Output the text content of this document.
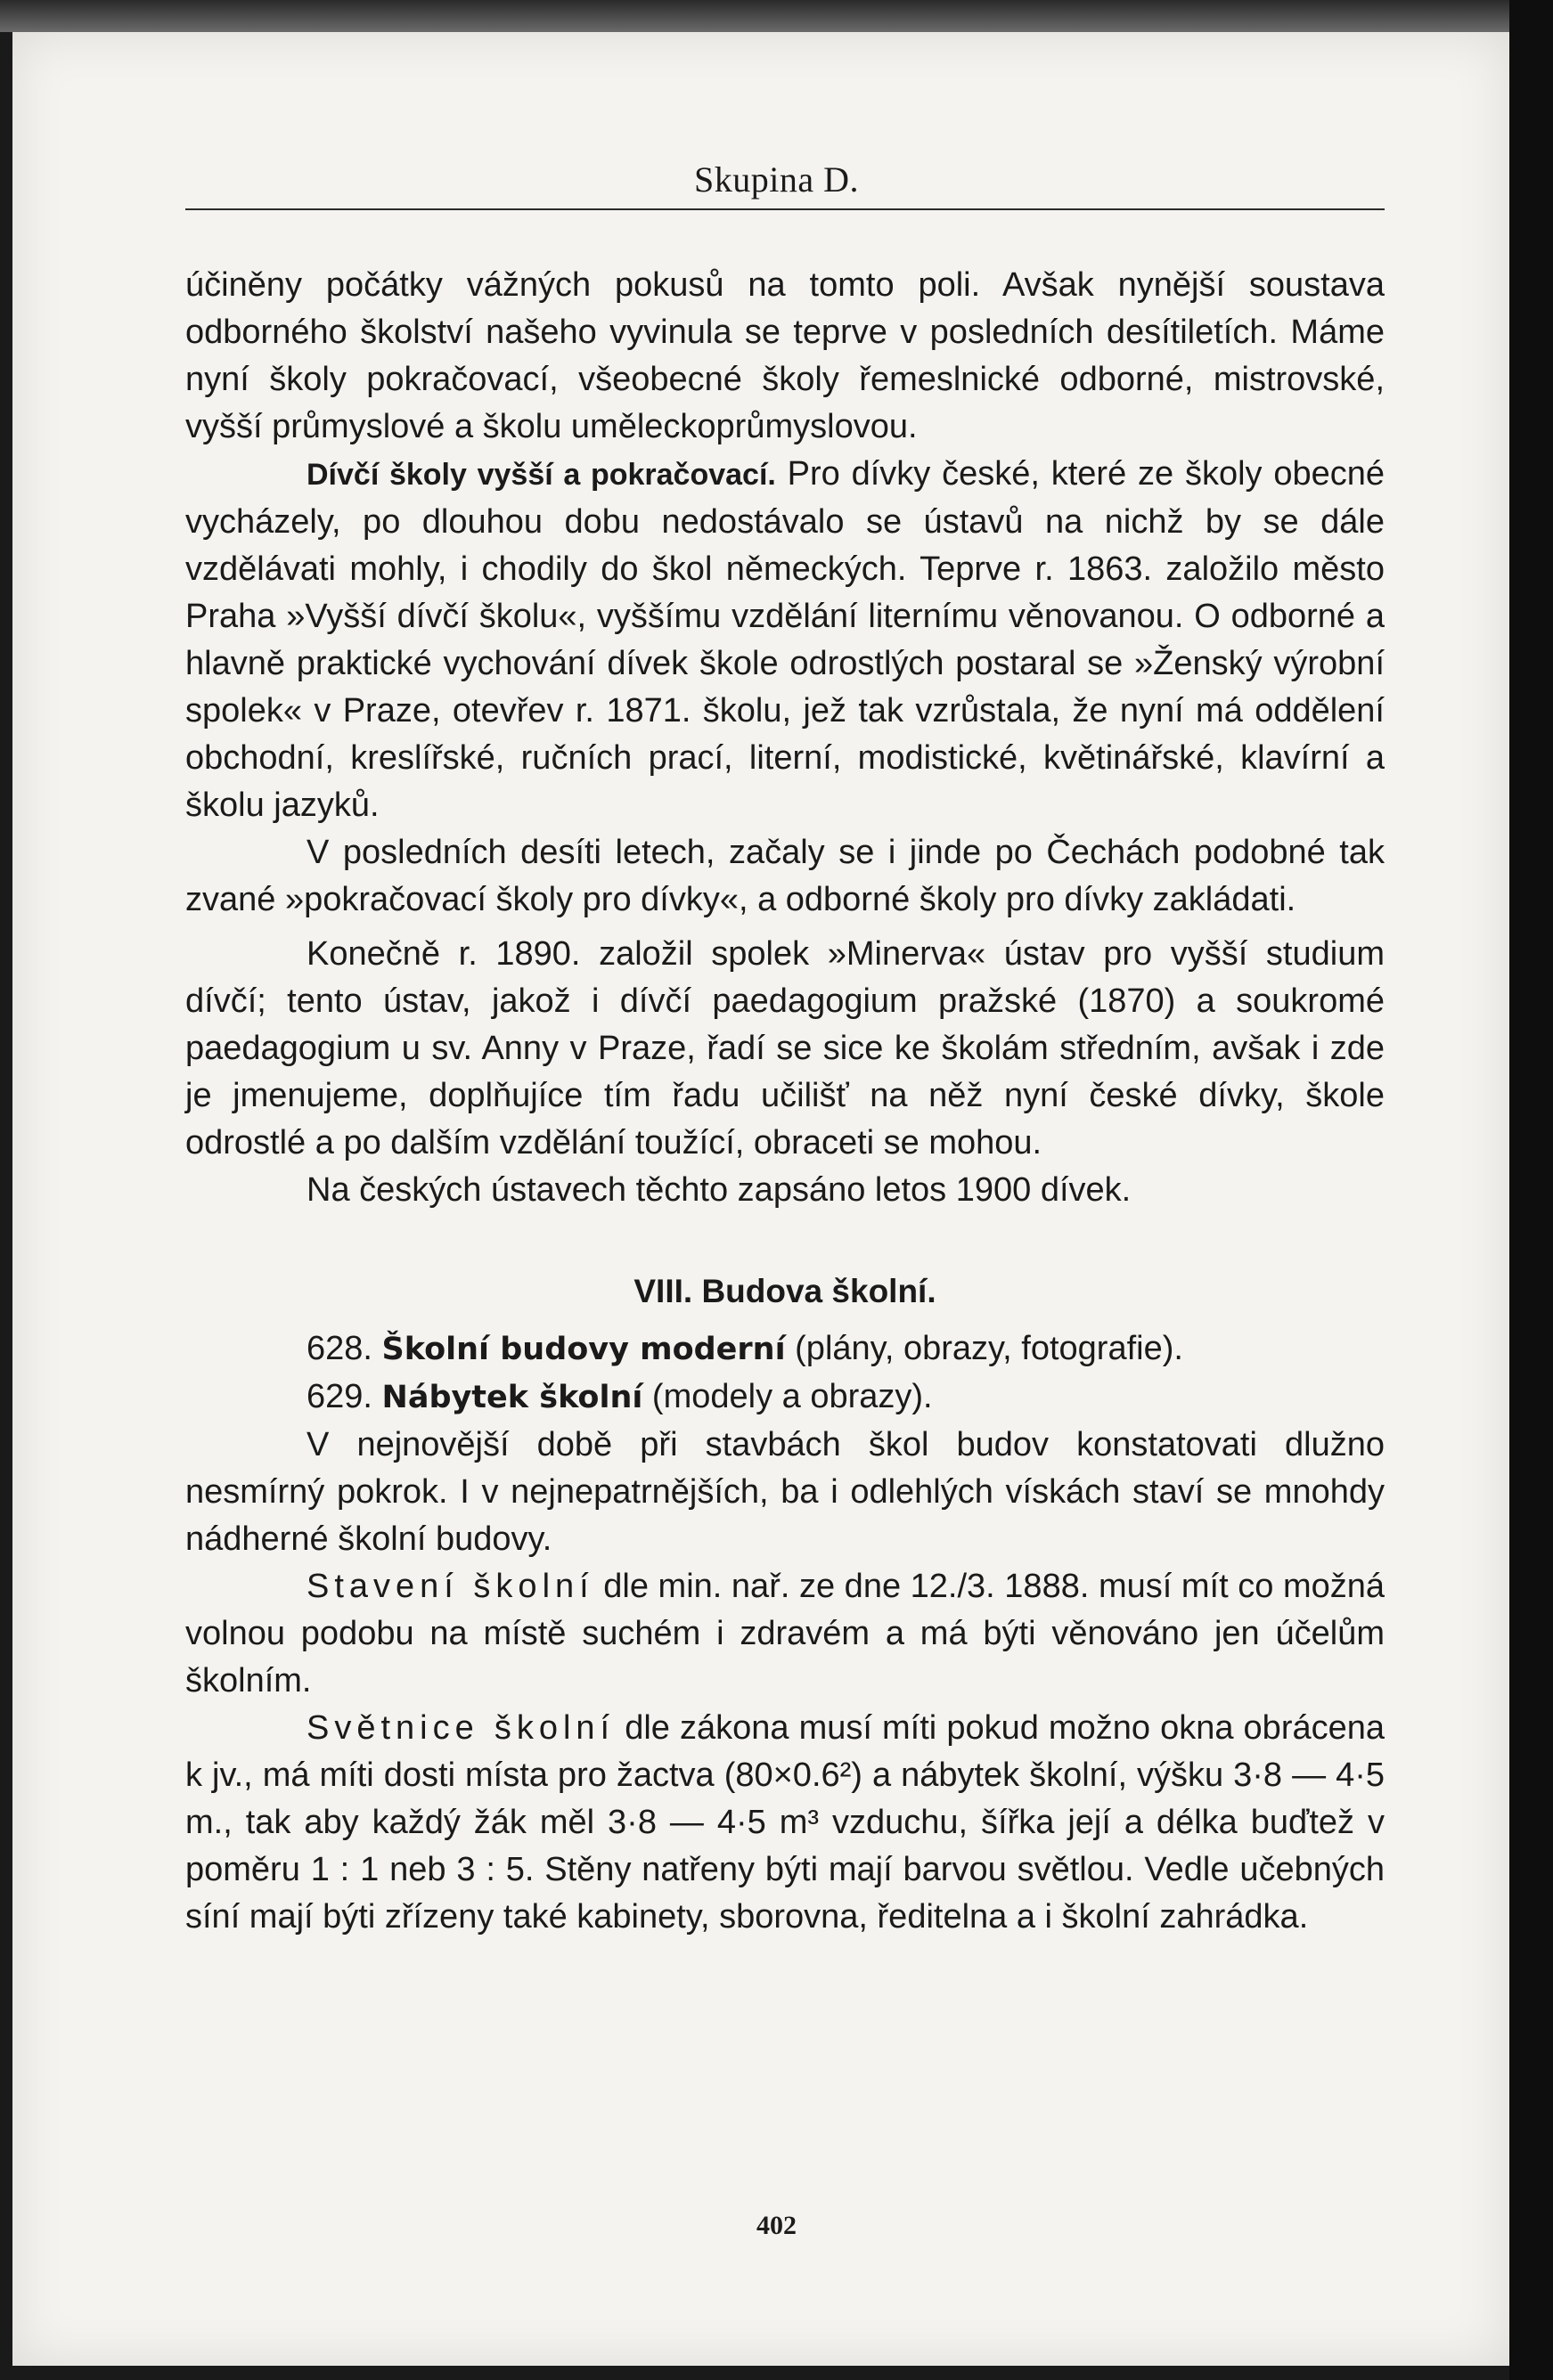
Skupina D.

účiněny počátky vážných pokusů na tomto poli. Avšak nynější soustava odborného školství našeho vyvinula se teprve v posledních desítiletích. Máme nyní školy pokračovací, všeobecné školy řemeslnické odborné, mistrovské, vyšší průmyslové a školu uměleckoprůmyslovou.

Dívčí školy vyšší a pokračovací. Pro dívky české, které ze školy obecné vycházely, po dlouhou dobu nedostávalo se ústavů na nichž by se dále vzdělávati mohly, i chodily do škol německých. Teprve r. 1863. založilo město Praha »Vyšší dívčí školu«, vyššímu vzdělání liternímu věnovanou. O odborné a hlavně praktické vychování dívek škole odrostlých postaral se »Ženský výrobní spolek« v Praze, otevřev r. 1871. školu, jež tak vzrůstala, že nyní má oddělení obchodní, kreslířské, ručních prací, literní, modistické, květinářské, klavírní a školu jazyků.

V posledních desíti letech, začaly se i jinde po Čechách podobné tak zvané »pokračovací školy pro dívky«, a odborné školy pro dívky zakládati.

Konečně r. 1890. založil spolek »Minerva« ústav pro vyšší studium dívčí; tento ústav, jakož i dívčí paedagogium pražské (1870) a soukromé paedagogium u sv. Anny v Praze, řadí se sice ke školám středním, avšak i zde je jmenujeme, doplňujíce tím řadu učilišť na něž nyní české dívky, škole odrostlé a po dalším vzdělání toužící, obraceti se mohou.

Na českých ústavech těchto zapsáno letos 1900 dívek.

VIII. Budova školní.

628. Školní budovy moderní (plány, obrazy, fotografie).

629. Nábytek školní (modely a obrazy).

V nejnovější době při stavbách škol budov konstatovati dlužno nesmírný pokrok. I v nejnepatrnějších, ba i odlehlých vískách staví se mnohdy nádherné školní budovy.

Stavení školní dle min. nař. ze dne 12./3. 1888. musí mít co možná volnou podobu na místě suchém i zdravém a má býti věnováno jen účelům školním.

Světnice školní dle zákona musí míti pokud možno okna obrácena k jv., má míti dosti místa pro žactva (80×0.6²) a nábytek školní, výšku 3·8 — 4·5 m., tak aby každý žák měl 3·8 — 4·5 m³ vzduchu, šířka její a délka buďtež v poměru 1 : 1 neb 3 : 5. Stěny natřeny býti mají barvou světlou. Vedle učebných síní mají býti zřízeny také kabinety, sborovna, ředitelna a i školní zahrádka.

402
